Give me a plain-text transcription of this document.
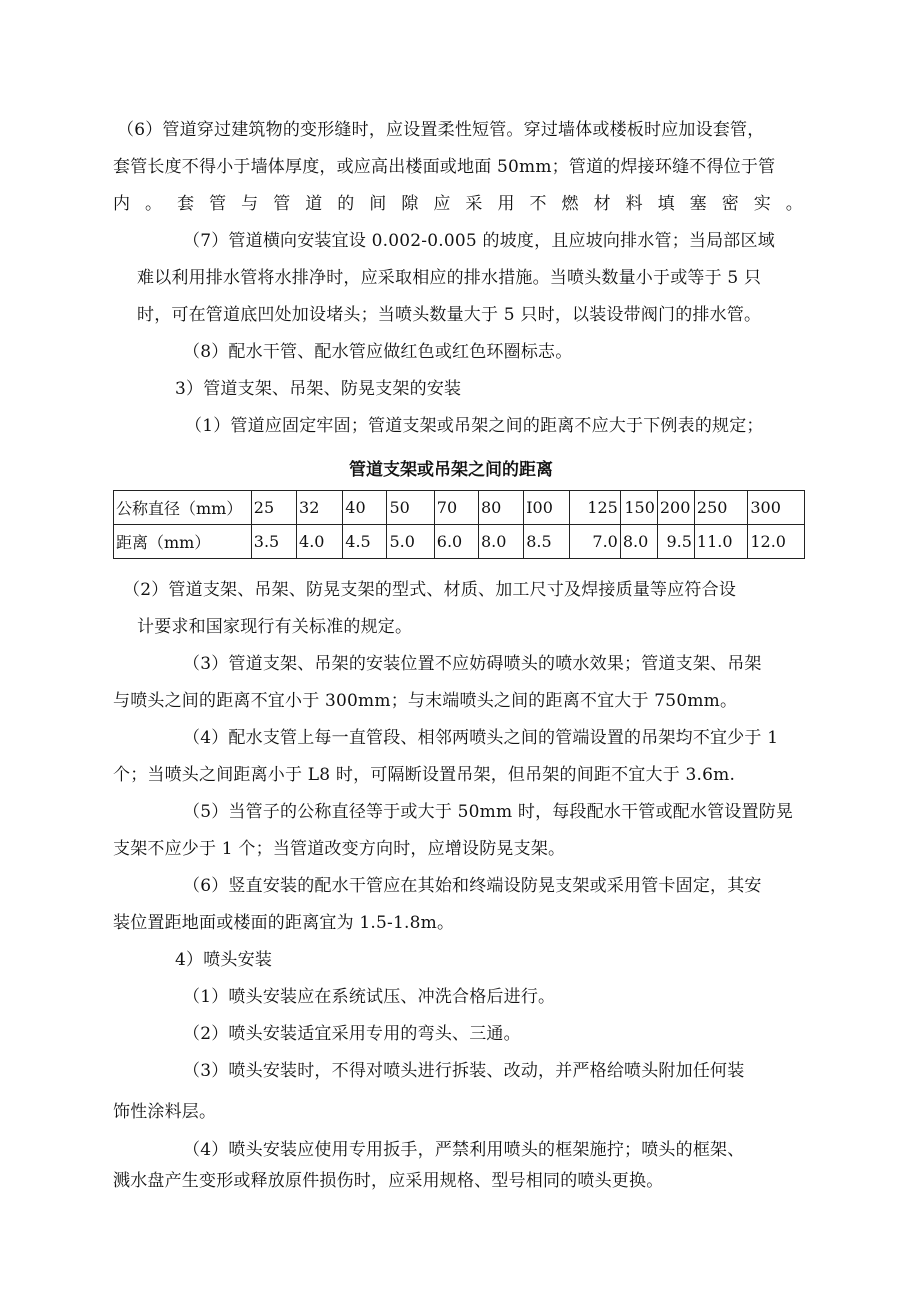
（6）管道穿过建筑物的变形缝时，应设置柔性短管。穿过墙体或楼板时应加设套管，
套管长度不得小于墙体厚度，或应高出楼面或地面 50mm；管道的焊接环缝不得位于管
内。套管与管道的间隙应采用不燃材料填塞密实。
（7）管道横向安装宜设 0.002-0.005 的坡度，且应坡向排水管；当局部区域
难以利用排水管将水排净时，应采取相应的排水措施。当喷头数量小于或等于 5 只
时，可在管道底凹处加设堵头；当喷头数量大于 5 只时，以装设带阀门的排水管。
（8）配水干管、配水管应做红色或红色环圈标志。
3）管道支架、吊架、防晃支架的安装
（1）管道应固定牢固；管道支架或吊架之间的距离不应大于下例表的规定；
管道支架或吊架之间的距离
公称直径（mm）	25	32	40	50	70	80	I00	125	150	200	250	300
距离（mm）	3.5	4.0	4.5	5.0	6.0	8.0	8.5	7.0	8.0	9.5	11.0	12.0
（2）管道支架、吊架、防晃支架的型式、材质、加工尺寸及焊接质量等应符合设
计要求和国家现行有关标准的规定。
（3）管道支架、吊架的安装位置不应妨碍喷头的喷水效果；管道支架、吊架
与喷头之间的距离不宜小于 300mm；与末端喷头之间的距离不宜大于 750mm。
（4）配水支管上每一直管段、相邻两喷头之间的管端设置的吊架均不宜少于 1
个；当喷头之间距离小于 L8 时，可隔断设置吊架，但吊架的间距不宜大于 3.6m.
（5）当管子的公称直径等于或大于 50mm 时，每段配水干管或配水管设置防晃
支架不应少于 1 个；当管道改变方向时，应增设防晃支架。
（6）竖直安装的配水干管应在其始和终端设防晃支架或采用管卡固定，其安
装位置距地面或楼面的距离宜为 1.5-1.8m。
4）喷头安装
（1）喷头安装应在系统试压、冲洗合格后进行。
（2）喷头安装适宜采用专用的弯头、三通。
（3）喷头安装时，不得对喷头进行拆装、改动，并严格给喷头附加任何装
饰性涂料层。
（4）喷头安装应使用专用扳手，严禁利用喷头的框架施拧；喷头的框架、
溅水盘产生变形或释放原件损伤时，应采用规格、型号相同的喷头更换。
